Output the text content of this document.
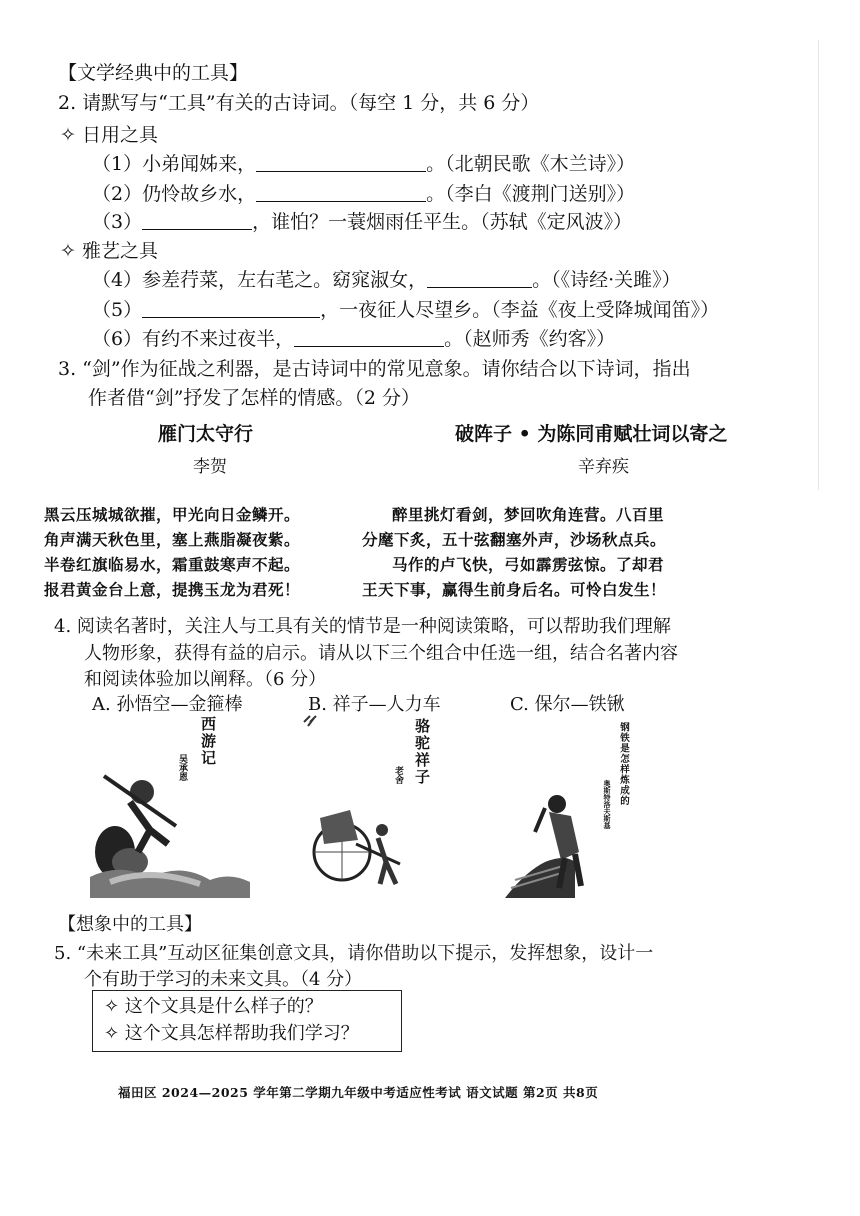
【文学经典中的工具】
2. 请默写与“工具”有关的古诗词。（每空 1 分，共 6 分）
✧ 日用之具
（1）小弟闻姊来，	。（北朝民歌《木兰诗》）
（2）仍怜故乡水，	。（李白《渡荆门送别》）
（3）	，谁怕？一蓑烟雨任平生。（苏轼《定风波》）
✧ 雅艺之具
（4）参差荇菜，左右芼之。窈窕淑女，	。（《诗经·关雎》）
（5）	，一夜征人尽望乡。（李益《夜上受降城闻笛》）
（6）有约不来过夜半，	。（赵师秀《约客》）
3. “剑”作为征战之利器，是古诗词中的常见意象。请你结合以下诗词，指出
作者借“剑”抒发了怎样的情感。（2 分）
雁门太守行
李贺
破阵子 • 为陈同甫赋壮词以寄之
辛弃疾
黑云压城城欲摧，甲光向日金鳞开。
角声满天秋色里，塞上燕脂凝夜紫。
半卷红旗临易水，霜重鼓寒声不起。
报君黄金台上意，提携玉龙为君死！
醉里挑灯看剑，梦回吹角连营。八百里
分麾下炙，五十弦翻塞外声，沙场秋点兵。
马作的卢飞快，弓如霹雳弦惊。了却君
王天下事，赢得生前身后名。可怜白发生！
4. 阅读名著时，关注人与工具有关的情节是一种阅读策略，可以帮助我们理解
人物形象，获得有益的启示。请从以下三个组合中任选一组，结合名著内容
和阅读体验加以阐释。（6 分）
A. 孙悟空—金箍棒	B. 祥子—人力车	C. 保尔—铁锹
西游记
吴承恩	骆驼祥子
老舍	钢铁是怎样炼成的
奥斯特洛夫斯基
【想象中的工具】
5. “未来工具”互动区征集创意文具，请你借助以下提示，发挥想象，设计一
个有助于学习的未来文具。（4 分）
✧ 这个文具是什么样子的？
✧ 这个文具怎样帮助我们学习？
福田区 2024—2025 学年第二学期九年级中考适应性考试 语文试题 第2页 共8页
